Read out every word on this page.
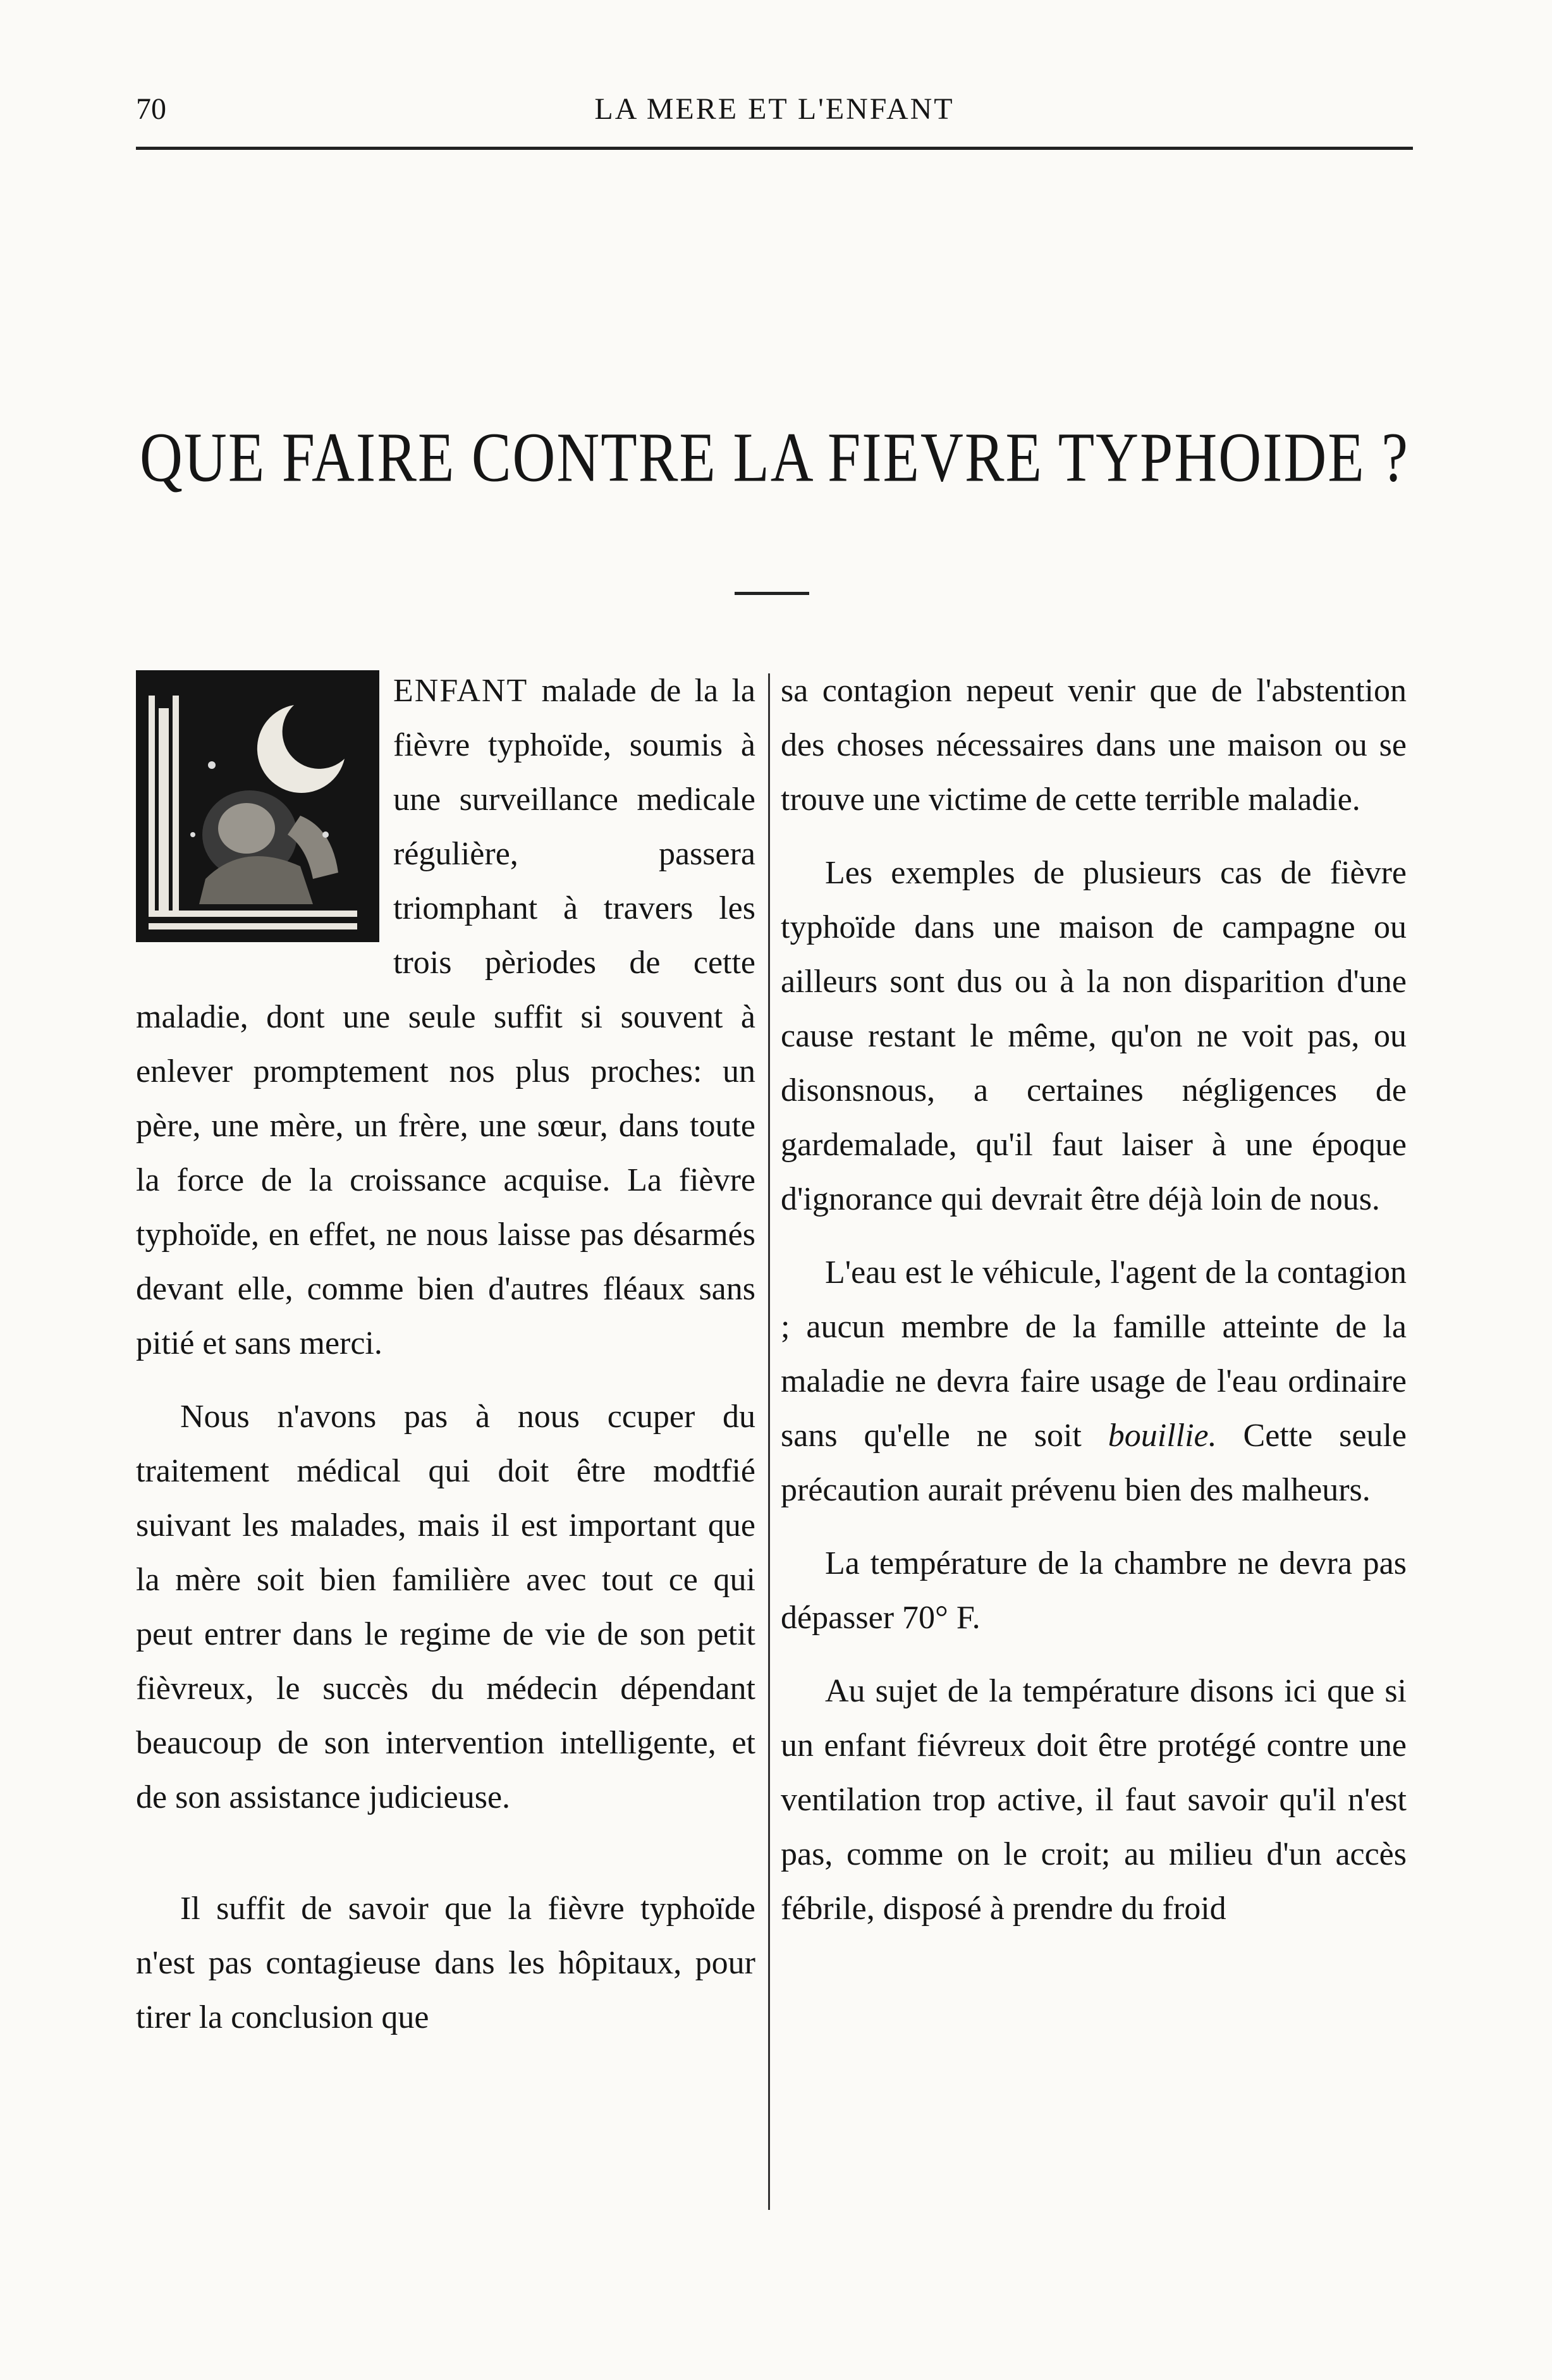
70	LA MERE ET L'ENFANT
QUE FAIRE CONTRE LA FIEVRE TYPHOIDE ?

ENFANT malade de la la fièvre typhoïde, soumis à une surveillance medicale régulière, passera triomphant à travers les trois pèriodes de cette maladie, dont une seule suffit si souvent à enlever promptement nos plus proches: un père, une mère, un frère, une sœur, dans toute la force de la croissance acquise. La fièvre typhoïde, en effet, ne nous laisse pas désarmés devant elle, comme bien d'autres fléaux sans pitié et sans merci.

Nous n'avons pas à nous ccuper du traitement médical qui doit être modtfié suivant les malades, mais il est important que la mère soit bien familière avec tout ce qui peut entrer dans le regime de vie de son petit fièvreux, le succès du médecin dépendant beaucoup de son intervention intelligente, et de son assistance judicieuse.

Il suffit de savoir que la fièvre typhoïde n'est pas contagieuse dans les hôpitaux, pour tirer la conclusion que

sa contagion nepeut venir que de l'abstention des choses nécessaires dans une maison ou se trouve une victime de cette terrible maladie.

Les exemples de plusieurs cas de fièvre typhoïde dans une maison de campagne ou ailleurs sont dus ou à la non disparition d'une cause restant le même, qu'on ne voit pas, ou disonsnous, a certaines négligences de gardemalade, qu'il faut laiser à une époque d'ignorance qui devrait être déjà loin de nous.

L'eau est le véhicule, l'agent de la contagion ; aucun membre de la famille atteinte de la maladie ne devra faire usage de l'eau ordinaire sans qu'elle ne soit bouillie. Cette seule précaution aurait prévenu bien des malheurs.

La température de la chambre ne devra pas dépasser 70° F.

Au sujet de la température disons ici que si un enfant fiévreux doit être protégé contre une ventilation trop active, il faut savoir qu'il n'est pas, comme on le croit; au milieu d'un accès fébrile, disposé à prendre du froid
